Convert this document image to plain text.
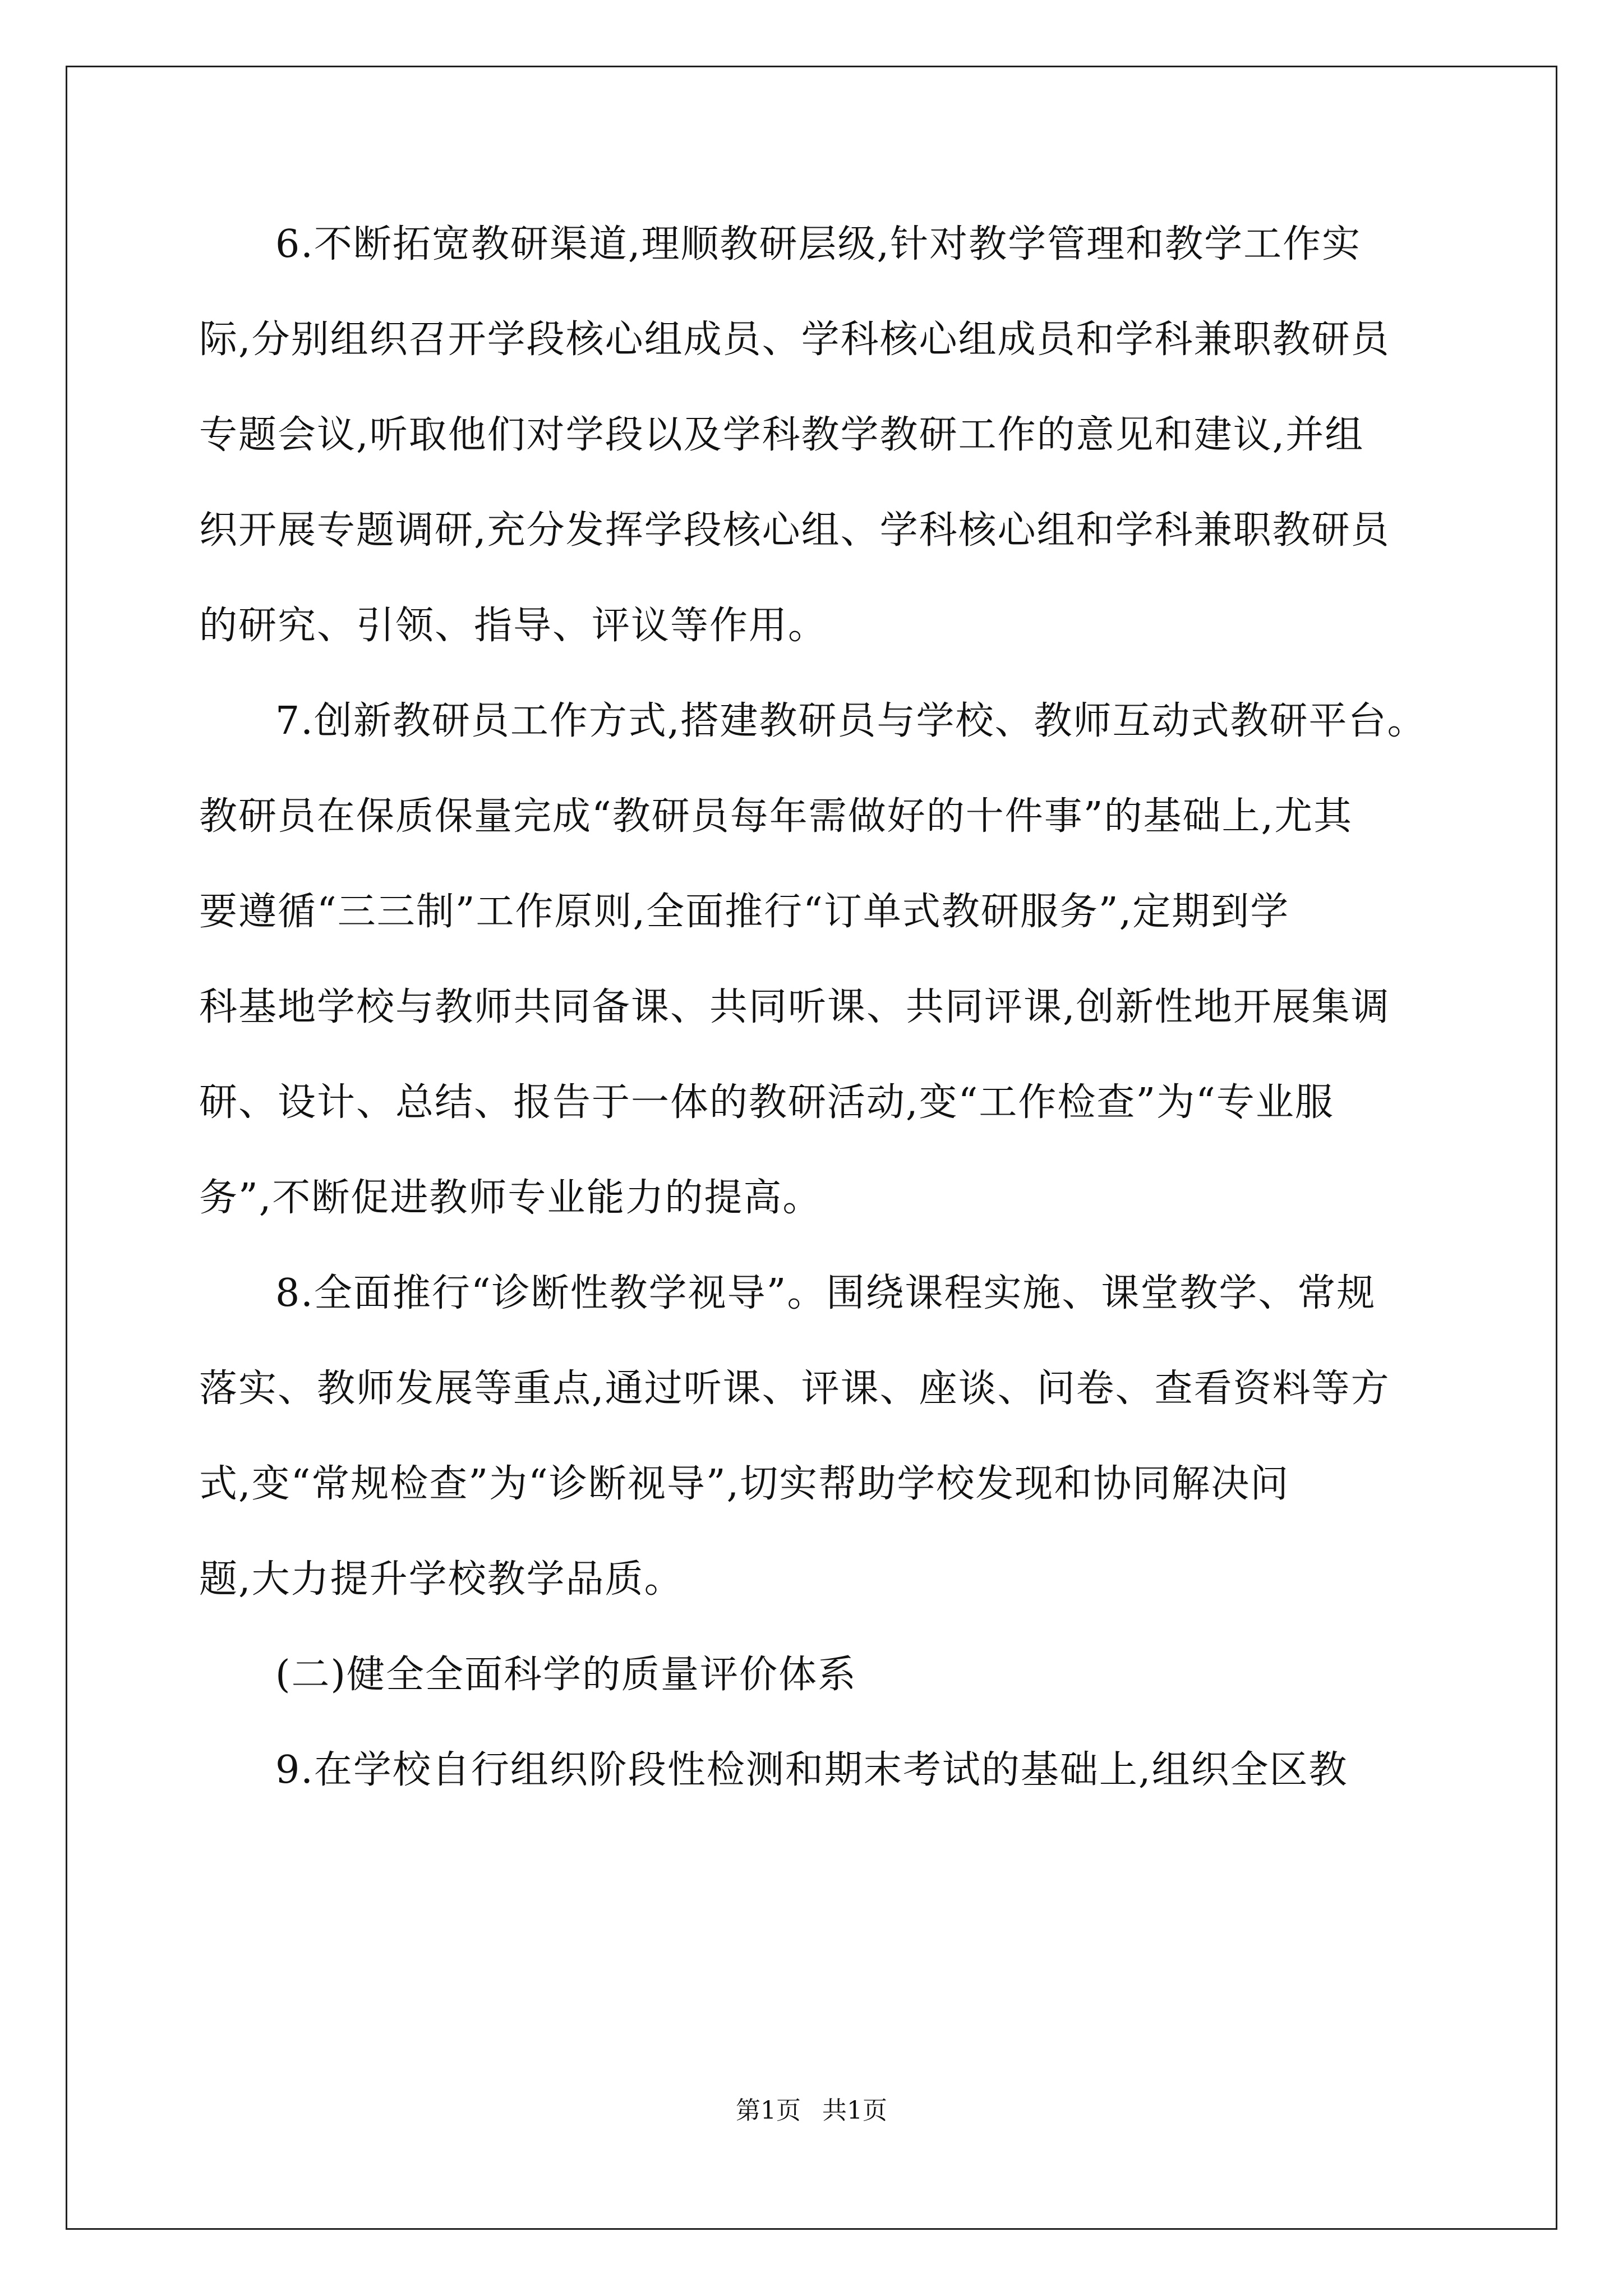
6.不断拓宽教研渠道,理顺教研层级,针对教学管理和教学工作实
际,分别组织召开学段核心组成员、学科核心组成员和学科兼职教研员
专题会议,听取他们对学段以及学科教学教研工作的意见和建议,并组
织开展专题调研,充分发挥学段核心组、学科核心组和学科兼职教研员
的研究、引领、指导、评议等作用。
7.创新教研员工作方式,搭建教研员与学校、教师互动式教研平台。
教研员在保质保量完成“教研员每年需做好的十件事”的基础上,尤其
要遵循“三三制”工作原则,全面推行“订单式教研服务”,定期到学
科基地学校与教师共同备课、共同听课、共同评课,创新性地开展集调
研、设计、总结、报告于一体的教研活动,变“工作检查”为“专业服
务”,不断促进教师专业能力的提高。
8.全面推行“诊断性教学视导”。围绕课程实施、课堂教学、常规
落实、教师发展等重点,通过听课、评课、座谈、问卷、查看资料等方
式,变“常规检查”为“诊断视导”,切实帮助学校发现和协同解决问
题,大力提升学校教学品质。
(二)健全全面科学的质量评价体系
9.在学校自行组织阶段性检测和期末考试的基础上,组织全区教
第1页 共1页
